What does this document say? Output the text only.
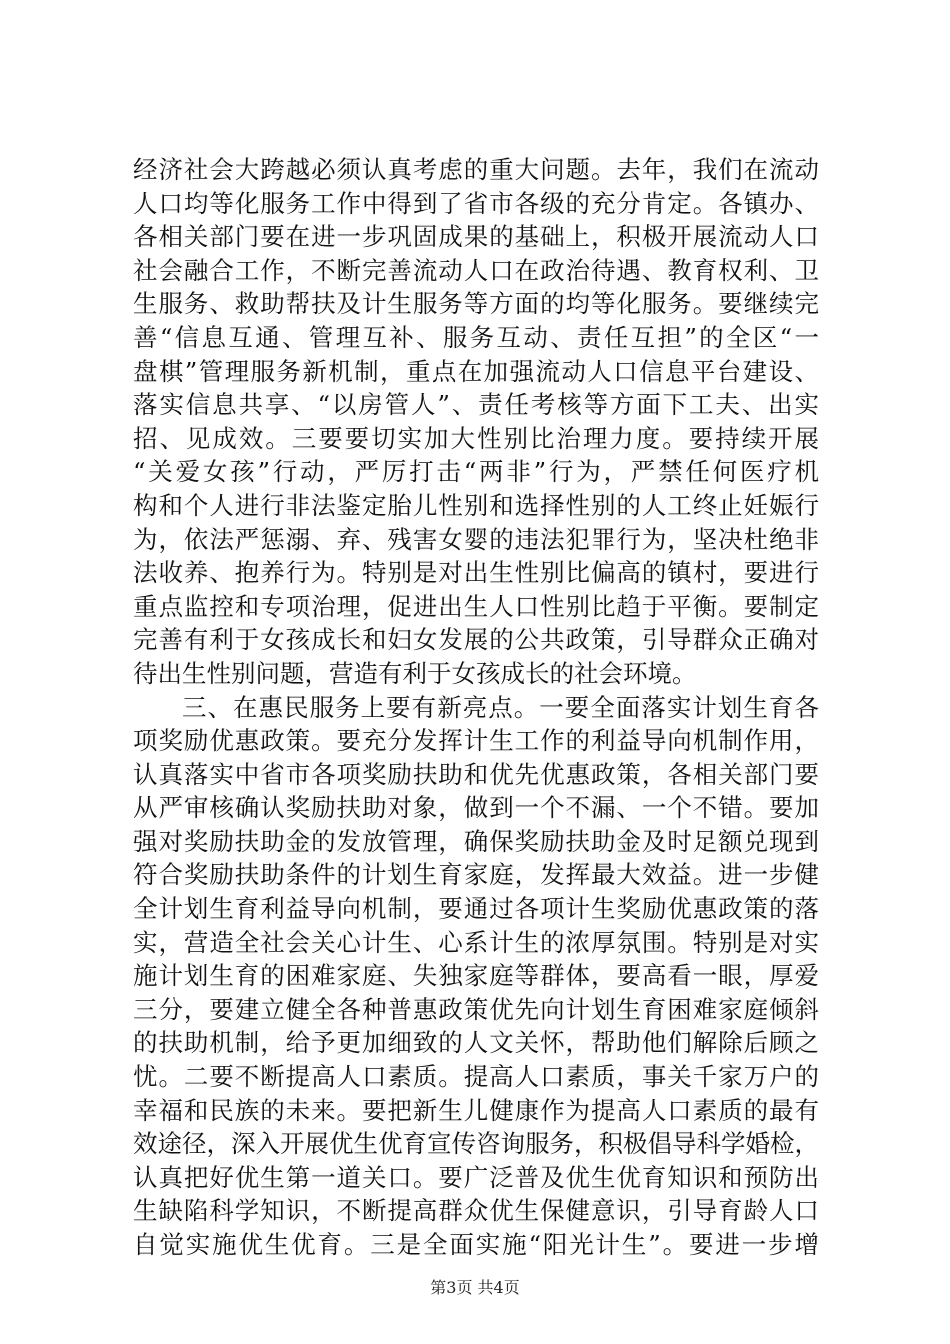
经济社会大跨越必须认真考虑的重大问题。去年，我们在流动
人口均等化服务工作中得到了省市各级的充分肯定。各镇办、
各相关部门要在进一步巩固成果的基础上，积极开展流动人口
社会融合工作，不断完善流动人口在政治待遇、教育权利、卫
生服务、救助帮扶及计生服务等方面的均等化服务。要继续完
善“信息互通、管理互补、服务互动、责任互担”的全区“一
盘棋”管理服务新机制，重点在加强流动人口信息平台建设、
落实信息共享、“以房管人”、责任考核等方面下工夫、出实
招、见成效。三要要切实加大性别比治理力度。要持续开展
“关爱女孩”行动，严厉打击“两非”行为，严禁任何医疗机
构和个人进行非法鉴定胎儿性别和选择性别的人工终止妊娠行
为，依法严惩溺、弃、残害女婴的违法犯罪行为，坚决杜绝非
法收养、抱养行为。特别是对出生性别比偏高的镇村，要进行
重点监控和专项治理，促进出生人口性别比趋于平衡。要制定
完善有利于女孩成长和妇女发展的公共政策，引导群众正确对
待出生性别问题，营造有利于女孩成长的社会环境。
三、在惠民服务上要有新亮点。一要全面落实计划生育各
项奖励优惠政策。要充分发挥计生工作的利益导向机制作用，
认真落实中省市各项奖励扶助和优先优惠政策，各相关部门要
从严审核确认奖励扶助对象，做到一个不漏、一个不错。要加
强对奖励扶助金的发放管理，确保奖励扶助金及时足额兑现到
符合奖励扶助条件的计划生育家庭，发挥最大效益。进一步健
全计划生育利益导向机制，要通过各项计生奖励优惠政策的落
实，营造全社会关心计生、心系计生的浓厚氛围。特别是对实
施计划生育的困难家庭、失独家庭等群体，要高看一眼，厚爱
三分，要建立健全各种普惠政策优先向计划生育困难家庭倾斜
的扶助机制，给予更加细致的人文关怀，帮助他们解除后顾之
忧。二要不断提高人口素质。提高人口素质，事关千家万户的
幸福和民族的未来。要把新生儿健康作为提高人口素质的最有
效途径，深入开展优生优育宣传咨询服务，积极倡导科学婚检，
认真把好优生第一道关口。要广泛普及优生优育知识和预防出
生缺陷科学知识，不断提高群众优生保健意识，引导育龄人口
自觉实施优生优育。三是全面实施“阳光计生”。要进一步增
第3页 共4页
